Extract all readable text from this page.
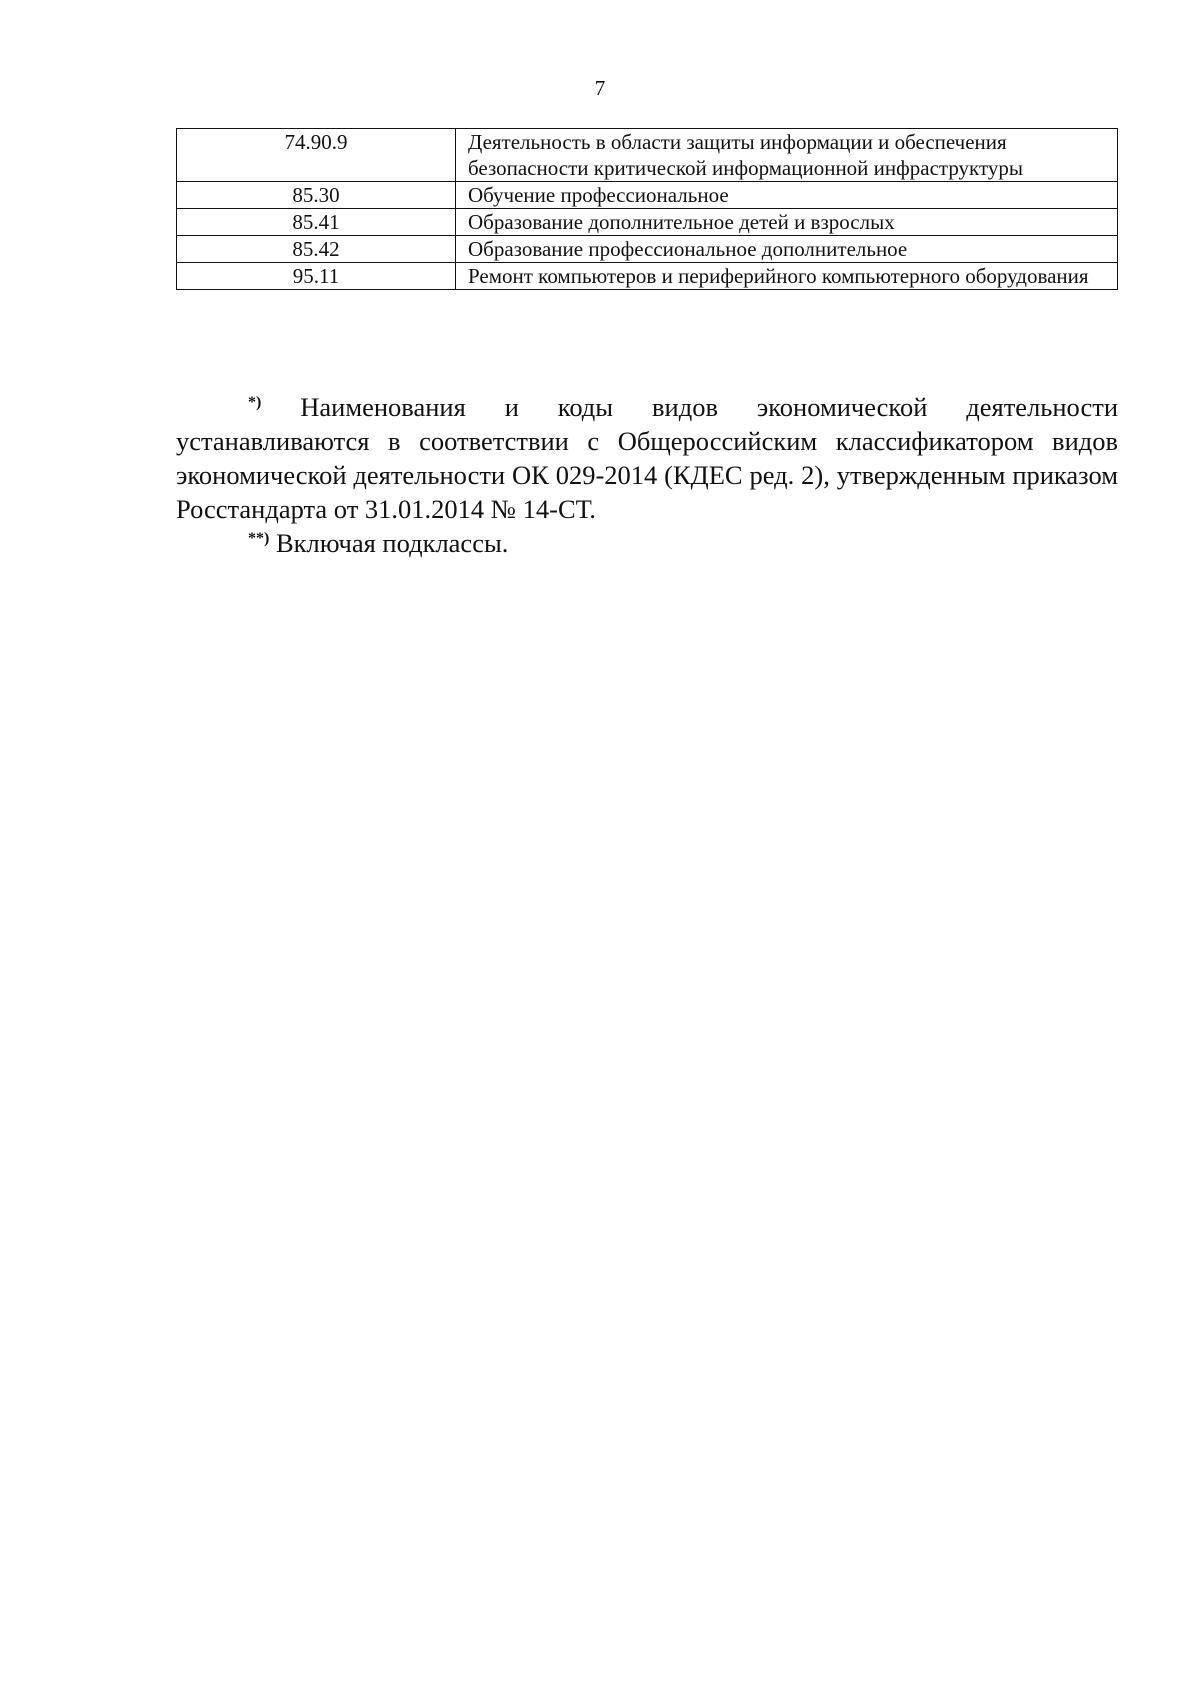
7
74.90.9	Деятельность в области защиты информации и обеспечения безопасности критической информационной инфраструктуры
85.30	Обучение профессиональное
85.41	Образование дополнительное детей и взрослых
85.42	Образование профессиональное дополнительное
95.11	Ремонт компьютеров и периферийного компьютерного оборудования

*) Наименования и коды видов экономической деятельности устанавливаются в соответствии с Общероссийским классификатором видов экономической деятельности ОК 029-2014 (КДЕС ред. 2), утвержденным приказом Росстандарта от 31.01.2014 № 14-СТ.

**) Включая подклассы.
